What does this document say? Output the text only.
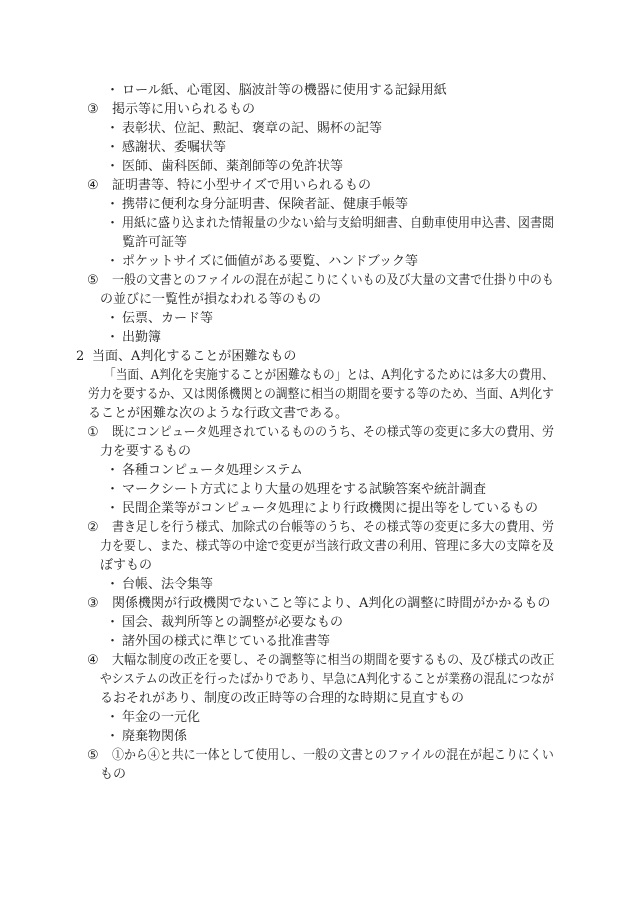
・ ロール紙、心電図、脳波計等の機器に使用する記録用紙
③ 掲示等に用いられるもの
・ 表彰状、位記、勲記、褒章の記、賜杯の記等
・ 感謝状、委嘱状等
・ 医師、歯科医師、薬剤師等の免許状等
④ 証明書等、特に小型サイズで用いられるもの
・ 携帯に便利な身分証明書、保険者証、健康手帳等
・ 用紙に盛り込まれた情報量の少ない給与支給明細書、自動車使用申込書、図書閲
覧許可証等
・ ポケットサイズに価値がある要覧、ハンドブック等
⑤ 一般の文書とのファイルの混在が起こりにくいもの及び大量の文書で仕掛り中のも
の並びに一覧性が損なわれる等のもの
・ 伝票、カード等
・ 出勤簿
2 当面、A判化することが困難なもの
「当面、A判化を実施することが困難なもの」とは、A判化するためには多大の費用、
労力を要するか、又は関係機関との調整に相当の期間を要する等のため、当面、A判化す
ることが困難な次のような行政文書である。
① 既にコンピュータ処理されているもののうち、その様式等の変更に多大の費用、労
力を要するもの
・ 各種コンピュータ処理システム
・ マークシート方式により大量の処理をする試験答案や統計調査
・ 民間企業等がコンピュータ処理により行政機関に提出等をしているもの
② 書き足しを行う様式、加除式の台帳等のうち、その様式等の変更に多大の費用、労
力を要し、また、様式等の中途で変更が当該行政文書の利用、管理に多大の支障を及
ぼすもの
・ 台帳、法令集等
③ 関係機関が行政機関でないこと等により、A判化の調整に時間がかかるもの
・ 国会、裁判所等との調整が必要なもの
・ 諸外国の様式に準じている批准書等
④ 大幅な制度の改正を要し、その調整等に相当の期間を要するもの、及び様式の改正
やシステムの改正を行ったばかりであり、早急にA判化することが業務の混乱につなが
るおそれがあり、制度の改正時等の合理的な時期に見直すもの
・ 年金の一元化
・ 廃棄物関係
⑤ ①から④と共に一体として使用し、一般の文書とのファイルの混在が起こりにくい
もの
